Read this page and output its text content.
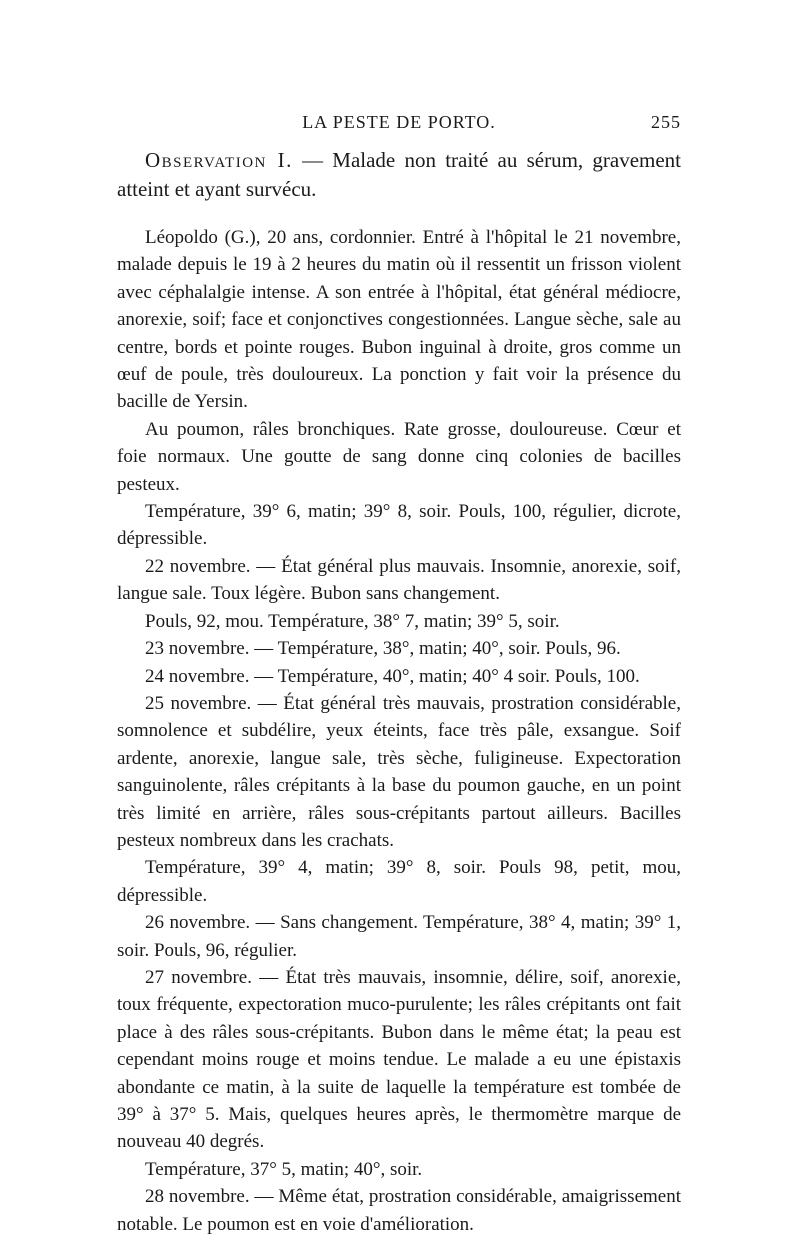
LA PESTE DE PORTO.	255

Observation I. — Malade non traité au sérum, gravement atteint et ayant survécu.

Léopoldo (G.), 20 ans, cordonnier. Entré à l'hôpital le 21 novembre, malade depuis le 19 à 2 heures du matin où il ressentit un frisson violent avec céphalalgie intense. A son entrée à l'hôpital, état général médiocre, anorexie, soif; face et conjonctives congestionnées. Langue sèche, sale au centre, bords et pointe rouges. Bubon inguinal à droite, gros comme un œuf de poule, très douloureux. La ponction y fait voir la présence du bacille de Yersin.

Au poumon, râles bronchiques. Rate grosse, douloureuse. Cœur et foie normaux. Une goutte de sang donne cinq colonies de bacilles pesteux.

Température, 39° 6, matin; 39° 8, soir. Pouls, 100, régulier, dicrote, dépressible.

22 novembre. — État général plus mauvais. Insomnie, anorexie, soif, langue sale. Toux légère. Bubon sans changement.

Pouls, 92, mou. Température, 38° 7, matin; 39° 5, soir.

23 novembre. — Température, 38°, matin; 40°, soir. Pouls, 96.

24 novembre. — Température, 40°, matin; 40° 4 soir. Pouls, 100.

25 novembre. — État général très mauvais, prostration considérable, somnolence et subdélire, yeux éteints, face très pâle, exsangue. Soif ardente, anorexie, langue sale, très sèche, fuligineuse. Expectoration sanguinolente, râles crépitants à la base du poumon gauche, en un point très limité en arrière, râles sous-crépitants partout ailleurs. Bacilles pesteux nombreux dans les crachats.

Température, 39° 4, matin; 39° 8, soir. Pouls 98, petit, mou, dépressible.

26 novembre. — Sans changement. Température, 38° 4, matin; 39° 1, soir. Pouls, 96, régulier.

27 novembre. — État très mauvais, insomnie, délire, soif, anorexie, toux fréquente, expectoration muco-purulente; les râles crépitants ont fait place à des râles sous-crépitants. Bubon dans le même état; la peau est cependant moins rouge et moins tendue. Le malade a eu une épistaxis abondante ce matin, à la suite de laquelle la température est tombée de 39° à 37° 5. Mais, quelques heures après, le thermomètre marque de nouveau 40 degrés.

Température, 37° 5, matin; 40°, soir.

28 novembre. — Même état, prostration considérable, amaigrissement notable. Le poumon est en voie d'amélioration.
